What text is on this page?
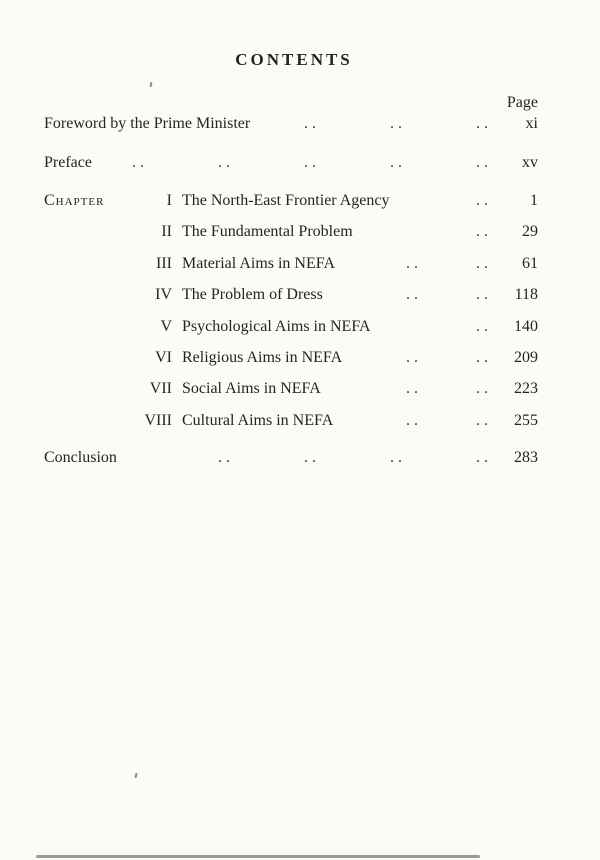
CONTENTS
Page
Foreword by the Prime Minister	.. .. ..	xi
Preface	.. .. .. .. ..	xv
Chapter	I The North-East Frontier Agency	..	1
II The Fundamental Problem	..	29
III Material Aims in NEFA	.. ..	61
IV The Problem of Dress	.. ..	118
V Psychological Aims in NEFA	..	140
VI Religious Aims in NEFA	.. ..	209
VII Social Aims in NEFA	.. ..	223
VIII Cultural Aims in NEFA	.. ..	255
Conclusion	.. .. .. ..	283
